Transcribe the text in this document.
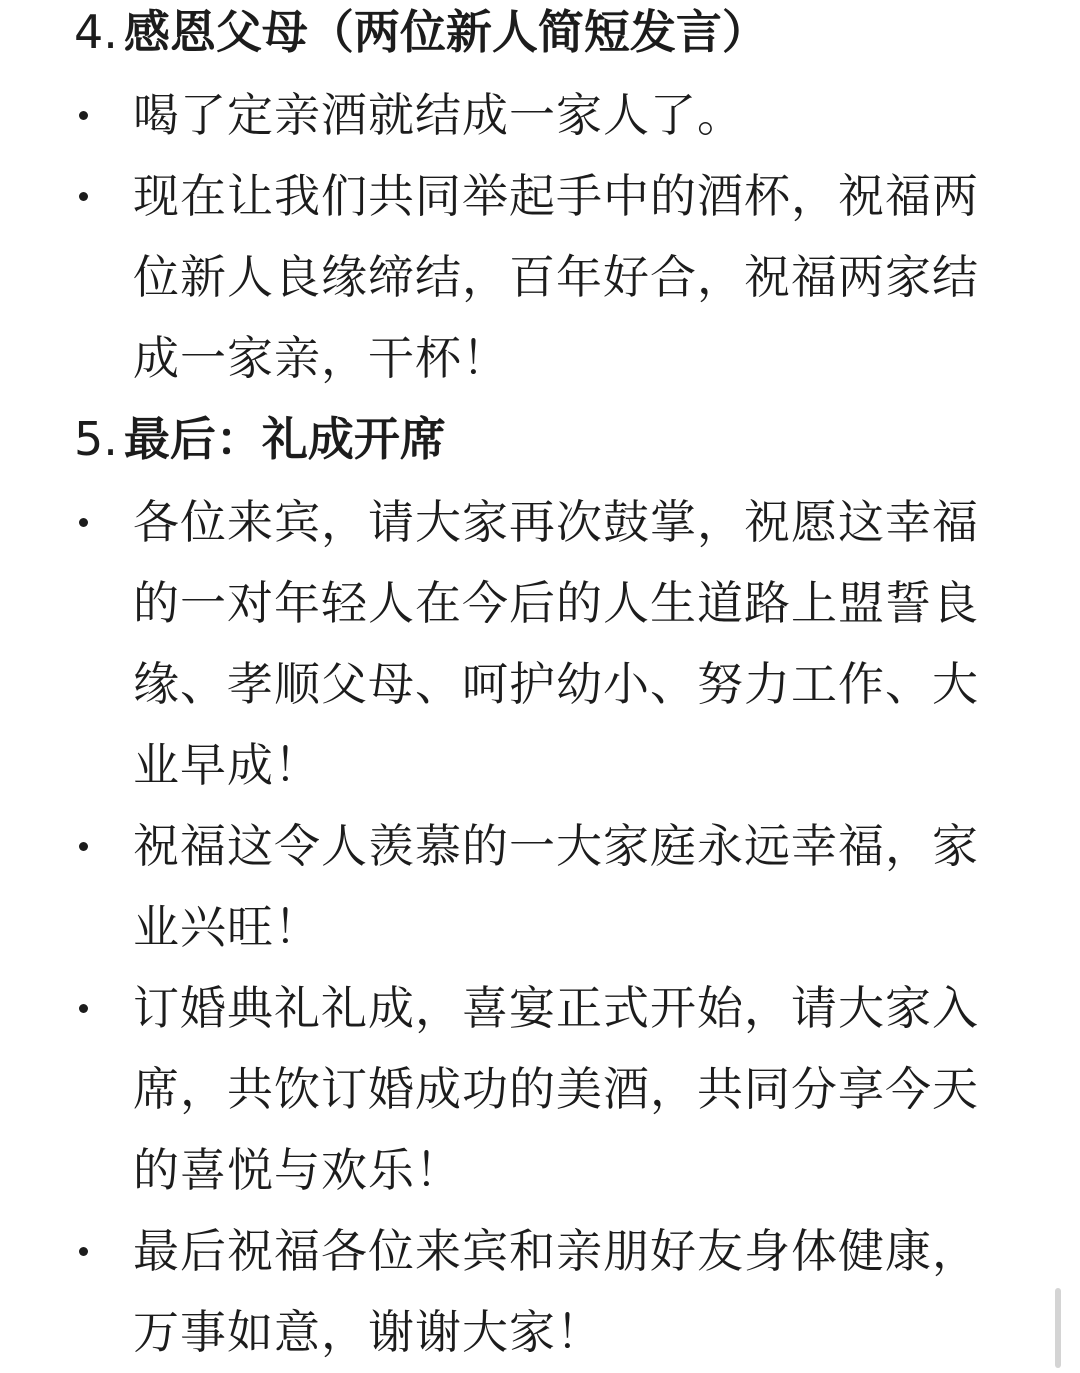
4. 感恩父母（两位新人简短发言）
喝了定亲酒就结成一家人了。
现在让我们共同举起手中的酒杯，祝福两位新人良缘缔结，百年好合，祝福两家结成一家亲，干杯！
5. 最后：礼成开席
各位来宾，请大家再次鼓掌，祝愿这幸福的一对年轻人在今后的人生道路上盟誓良缘、孝顺父母、呵护幼小、努力工作、大业早成！
祝福这令人羡慕的一大家庭永远幸福，家业兴旺！
订婚典礼礼成，喜宴正式开始，请大家入席，共饮订婚成功的美酒，共同分享今天的喜悦与欢乐！
最后祝福各位来宾和亲朋好友身体健康，万事如意，谢谢大家！
